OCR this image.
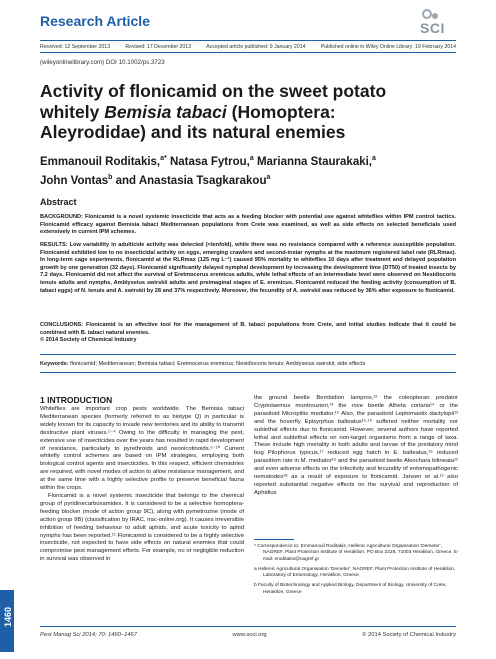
Research Article	SCI
Received: 12 September 2013	Revised: 17 December 2013	Accepted article published: 9 January 2014	Published online in Wiley Online Library: 19 February 2014
(wileyonlinelibrary.com) DOI 10.1002/ps.3723
Activity of flonicamid on the sweet potato
whitely Bemisia tabaci (Homoptera:
Aleyrodidae) and its natural enemies
Emmanouil Roditakis,$^{a*}$ Natasa Fytrou,$^a$ Marianna Staurakaki,$^a$
John Vontas$^b$ and Anastasia Tsagkarakou$^a$
Abstract
BACKGROUND: Flonicamid is a novel systemic insecticide that acts as a feeding blocker with potential use against whiteflies within IPM control tactics. Flonicamid efficacy against Bemisia tabaci Mediterranean populations from Crete was examined, as well as side effects on selected beneficials used extensively in current IPM schemes.
RESULTS: Low variability in adulticide activity was detected (<tenfold), while there was no resistance compared with a reference susceptible population. Flonicamid exhibited low to no insecticidal activity on eggs, emerging crawlers and second-instar nymphs at the maximum registered label rate (RLRmax). In long-term cage experiments, flonicamid at the RLRmax (125 mg L⁻¹) caused 95% mortality to whiteflies 10 days after treatment and delayed population growth by one generation (32 days). Flonicamid significantly delayed nymphal development by increasing the development time (DT50) of treated insects by 7.2 days. Flonicamid did not affect the survival of Eretmocerus eremicus adults, while lethal effects of an intermediate level were observed on Nesidiocoris tenuis adults and nymphs, Amblyseius swirskii adults and preimaginal stages of E. eremicus. Flonicamid reduced the feeding activity (consumption of B. tabaci eggs) of N. tenuis and A. swirskii by 28 and 37% respectively. Moreover, the fecundity of A. swirskii was reduced by 36% after exposure to flonicamid.
CONCLUSIONS: Flonicamid is an effective tool for the management of B. tabaci populations from Crete, and initial studies indicate that it could be combined with B. tabaci natural enemies.
© 2014 Society of Chemical Industry
Keywords: flonicamid; Mediterranean; Bemisia tabaci; Eretmocerus eremicus; Nesidiocoris tenuis; Amblyseius swirskii; side effects
1 INTRODUCTION

Whiteflies are important crop pests worldwide. The Bemisia tabaci Mediterranean species (formerly referred to as biotype Q) in particular is widely known for its capacity to invade new territories and its ability to transmit destructive plant viruses.¹⁻⁴ Owing to the difficulty in managing the pest, extensive use of insecticides over the years has resulted in rapid development of resistance, particularly to pyrethroids and neonicotinoids.⁵⁻¹⁰ Current whitefly control schemes are based on IPM strategies, employing both biological control agents and insecticides. In this respect, efficient chemistries are required, with novel modes of action to allow resistance management, and at the same time with a highly selective profile to preserve beneficial fauna within the crops.

Flonicamid is a novel systemic insecticide that belongs to the chemical group of pyridinecarboxamides. It is considered to be a selective homoptera-feeding blocker (mode of action group 9C), along with pymetrozine (mode of action group 9B) (classification by IRAC, irac-online.org). It causes irreversible inhibition of feeding behaviour to adult aphids, and acute toxicity to aphid nymphs has been reported.¹¹ Flonicamid is considered to be a highly selective insecticide, not expected to have side effects on natural enemies that could compromise pest management efforts. For example, no or negligible reduction in survival was observed in

the ground beetle Bembidion lampros,¹² the coleopteran predator Cryptolaemus montrouzieri,¹³ the rove beetle Atheta coriaria¹⁴ or the parasitoid Microplitis mediator.¹⁵ Also, the parasitoid Leptomastix dactylopii¹³ and the hoverfly Episyrphus balteatus¹²·¹⁶ suffered neither mortality nor sublethal effects due to flonicamid. However, several authors have reported lethal and sublethal effects on non-target organisms from a range of taxa. These include high mortality in both adults and larvae of the predatory mirid bug Pilophorus typicus,¹⁷ reduced egg hatch in E. balteatus,¹⁶ reduced parasitism rate in M. mediator¹⁵ and the parasitoid beetle Aleochara bilineata¹² and even adverse effects on the infectivity and fecundity of entomopathogenic nematodes¹⁸ as a result of exposure to flonicamid. Jansen et al.¹² also reported substantial negative effects on the survival and reproduction of Aphidius

* Correspondence to: Emmanouil Roditakis, Hellenic Agricultural Organisation 'Demeter', NAGREF, Plant Protection Institute of Heraklion, PO Box 2228, 71003 Heraklion, Greece. E-mail: eroditakis@nagref.gr
a Hellenic Agricultural Organisation 'Demeter', NAGREF, Plant Protection Institute of Heraklion, Laboratory of Entomology, Heraklion, Greece
b Faculty of Biotechnology and Applied Biology, Department of Biology, University of Crete, Heraklion, Greece
1460
Pest Manag Sci 2014; 70: 1460–1467	www.soci.org	© 2014 Society of Chemical Industry
